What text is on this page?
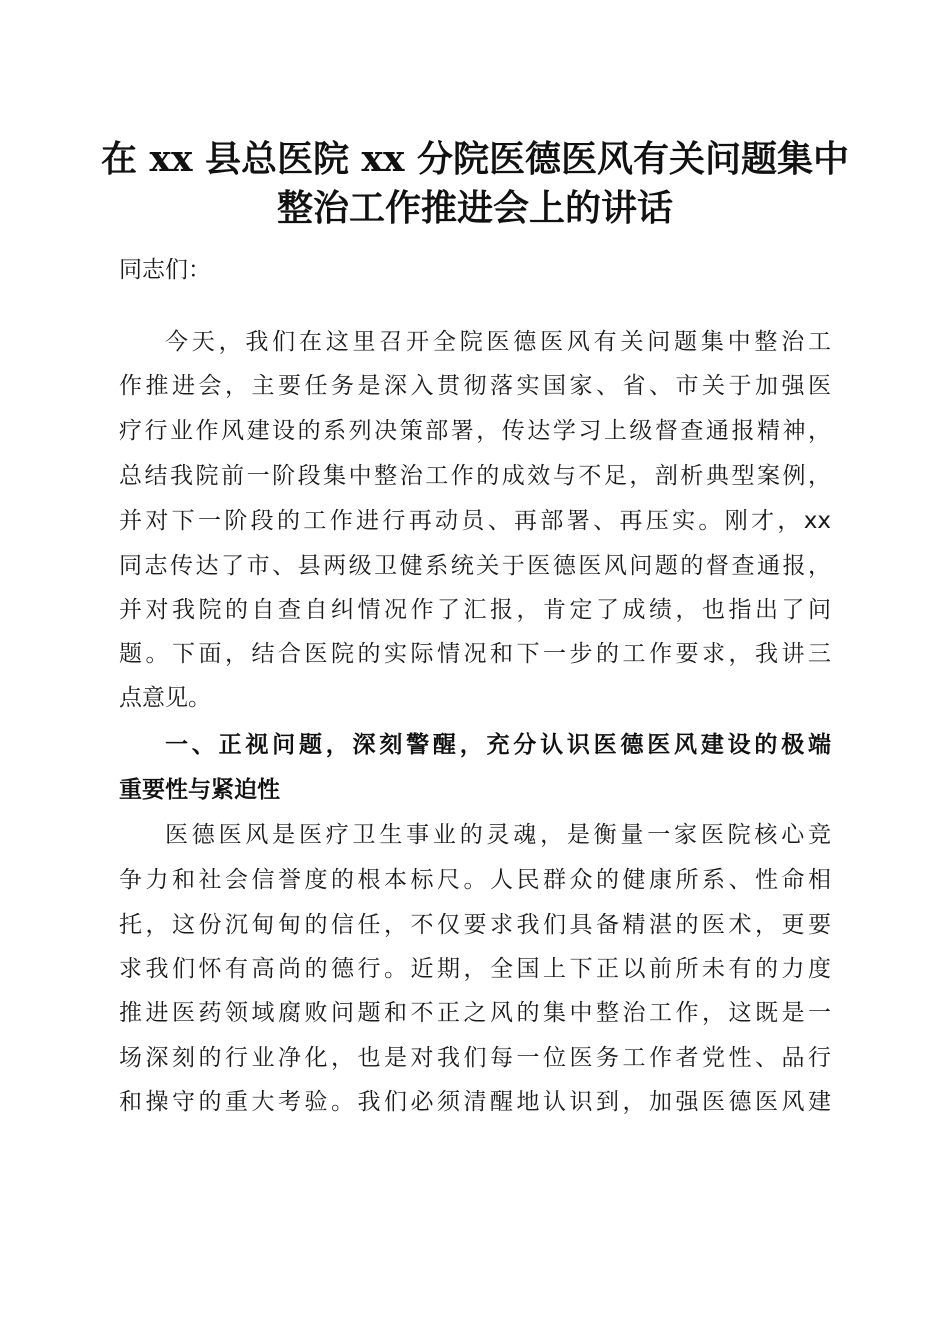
在 xx 县总医院 xx 分院医德医风有关问题集中
整治工作推进会上的讲话
同志们：
今天，我们在这里召开全院医德医风有关问题集中整治工
作推进会，主要任务是深入贯彻落实国家、省、市关于加强医
疗行业作风建设的系列决策部署，传达学习上级督查通报精神，
总结我院前一阶段集中整治工作的成效与不足，剖析典型案例，
并对下一阶段的工作进行再动员、再部署、再压实。刚才，xx
同志传达了市、县两级卫健系统关于医德医风问题的督查通报，
并对我院的自查自纠情况作了汇报，肯定了成绩，也指出了问
题。下面，结合医院的实际情况和下一步的工作要求，我讲三
点意见。
一、正视问题，深刻警醒，充分认识医德医风建设的极端
重要性与紧迫性
医德医风是医疗卫生事业的灵魂，是衡量一家医院核心竞
争力和社会信誉度的根本标尺。人民群众的健康所系、性命相
托，这份沉甸甸的信任，不仅要求我们具备精湛的医术，更要
求我们怀有高尚的德行。近期，全国上下正以前所未有的力度
推进医药领域腐败问题和不正之风的集中整治工作，这既是一
场深刻的行业净化，也是对我们每一位医务工作者党性、品行
和操守的重大考验。我们必须清醒地认识到，加强医德医风建
